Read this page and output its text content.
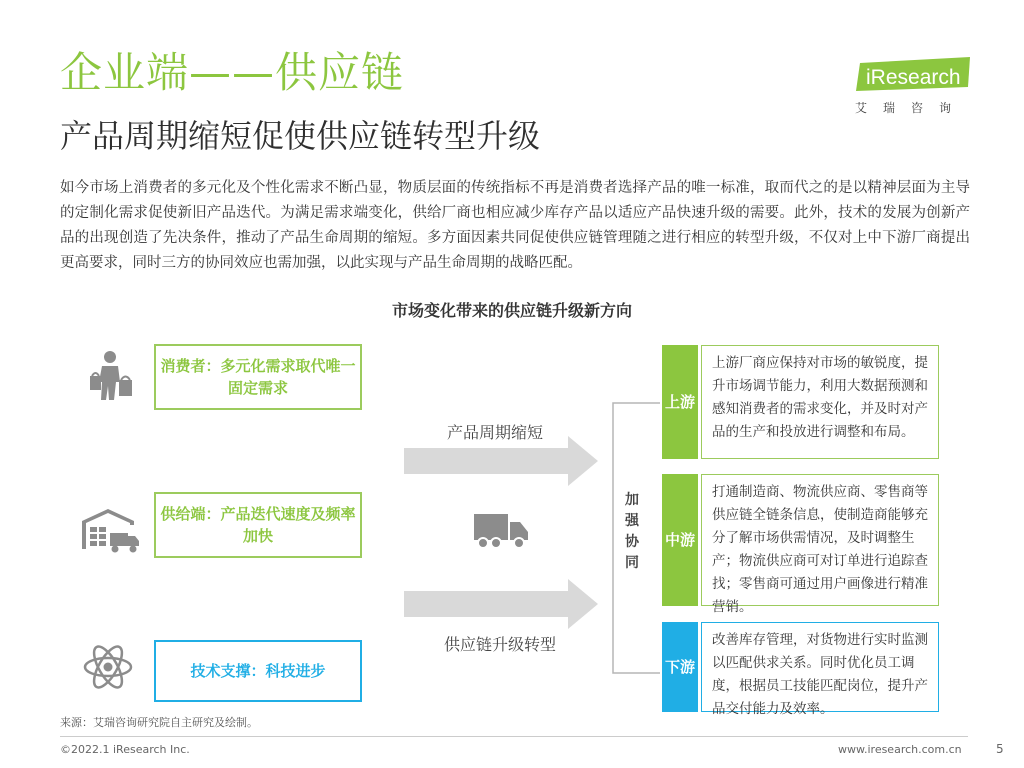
企业端——供应链
产品周期缩短促使供应链转型升级
iResearch
艾瑞咨询
如今市场上消费者的多元化及个性化需求不断凸显，物质层面的传统指标不再是消费者选择产品的唯一标准，取而代之的是以精神层面为主导的定制化需求促使新旧产品迭代。为满足需求端变化，供给厂商也相应减少库存产品以适应产品快速升级的需要。此外，技术的发展为创新产品的出现创造了先决条件，推动了产品生命周期的缩短。多方面因素共同促使供应链管理随之进行相应的转型升级，不仅对上中下游厂商提出更高要求，同时三方的协同效应也需加强，以此实现与产品生命周期的战略匹配。
市场变化带来的供应链升级新方向
消费者：多元化需求取代唯一固定需求
供给端：产品迭代速度及频率加快
技术支撑：科技进步
产品周期缩短
供应链升级转型
加强协同
上游
上游厂商应保持对市场的敏锐度，提升市场调节能力，利用大数据预测和感知消费者的需求变化，并及时对产品的生产和投放进行调整和布局。
中游
打通制造商、物流供应商、零售商等供应链全链条信息，使制造商能够充分了解市场供需情况，及时调整生产；物流供应商可对订单进行追踪查找；零售商可通过用户画像进行精准营销。
下游
改善库存管理，对货物进行实时监测以匹配供求关系。同时优化员工调度，根据员工技能匹配岗位，提升产品交付能力及效率。
来源：艾瑞咨询研究院自主研究及绘制。
©2022.1 iResearch Inc.	www.iresearch.com.cn	5
